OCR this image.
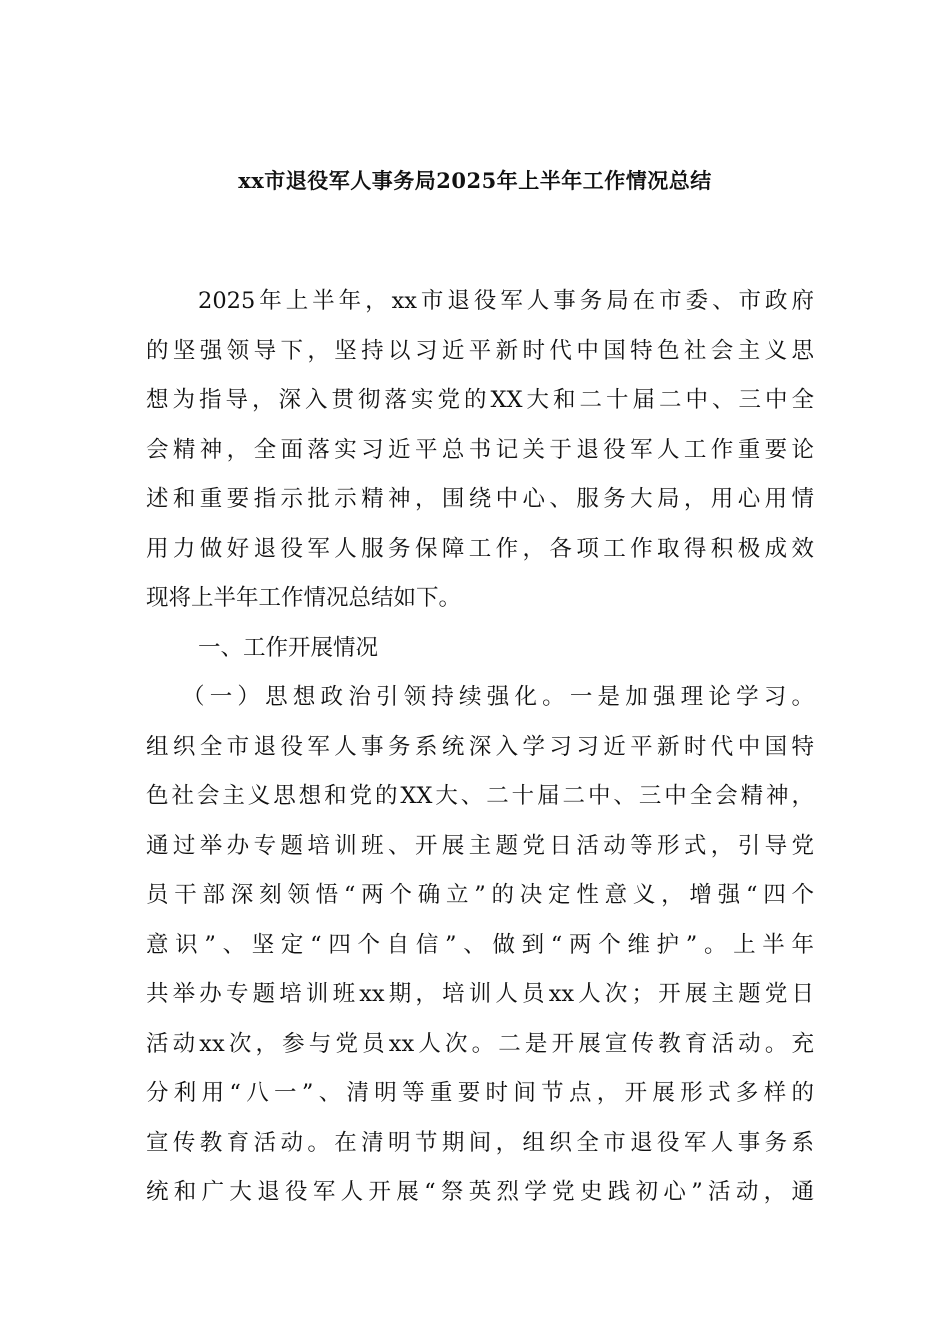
xx市退役军人事务局2025年上半年工作情况总结
2025年上半年，xx市退役军人事务局在市委、市政府
的坚强领导下，坚持以习近平新时代中国特色社会主义思
想为指导，深入贯彻落实党的XX大和二十届二中、三中全
会精神，全面落实习近平总书记关于退役军人工作重要论
述和重要指示批示精神，围绕中心、服务大局，用心用情
用力做好退役军人服务保障工作，各项工作取得积极成效
现将上半年工作情况总结如下。
一、工作开展情况
（一）思想政治引领持续强化。一是加强理论学习。
组织全市退役军人事务系统深入学习习近平新时代中国特
色社会主义思想和党的XX大、二十届二中、三中全会精神，
通过举办专题培训班、开展主题党日活动等形式，引导党
员干部深刻领悟“两个确立”的决定性意义，增强“四个
意识”、坚定“四个自信”、做到“两个维护”。上半年
共举办专题培训班xx期，培训人员xx人次；开展主题党日
活动xx次，参与党员xx人次。二是开展宣传教育活动。充
分利用“八一”、清明等重要时间节点，开展形式多样的
宣传教育活动。在清明节期间，组织全市退役军人事务系
统和广大退役军人开展“祭英烈学党史践初心”活动，通
